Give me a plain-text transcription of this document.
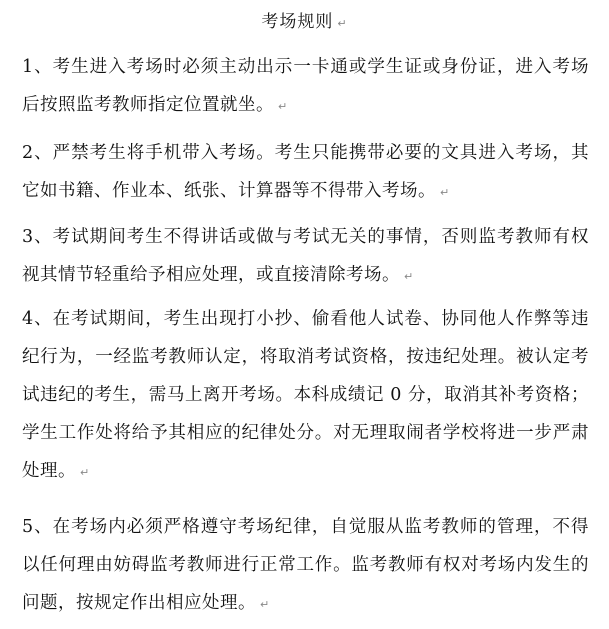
考场规则 ↵
1、考生进入考场时必须主动出示一卡通或学生证或身份证，进入考场后按照监考教师指定位置就坐。 ↵
2、严禁考生将手机带入考场。考生只能携带必要的文具进入考场，其它如书籍、作业本、纸张、计算器等不得带入考场。 ↵
3、考试期间考生不得讲话或做与考试无关的事情，否则监考教师有权视其情节轻重给予相应处理，或直接清除考场。 ↵
4、在考试期间，考生出现打小抄、偷看他人试卷、协同他人作弊等违纪行为，一经监考教师认定，将取消考试资格，按违纪处理。被认定考试违纪的考生，需马上离开考场。本科成绩记 0 分，取消其补考资格；学生工作处将给予其相应的纪律处分。对无理取闹者学校将进一步严肃处理。 ↵
5、在考场内必须严格遵守考场纪律，自觉服从监考教师的管理，不得以任何理由妨碍监考教师进行正常工作。监考教师有权对考场内发生的问题，按规定作出相应处理。 ↵
